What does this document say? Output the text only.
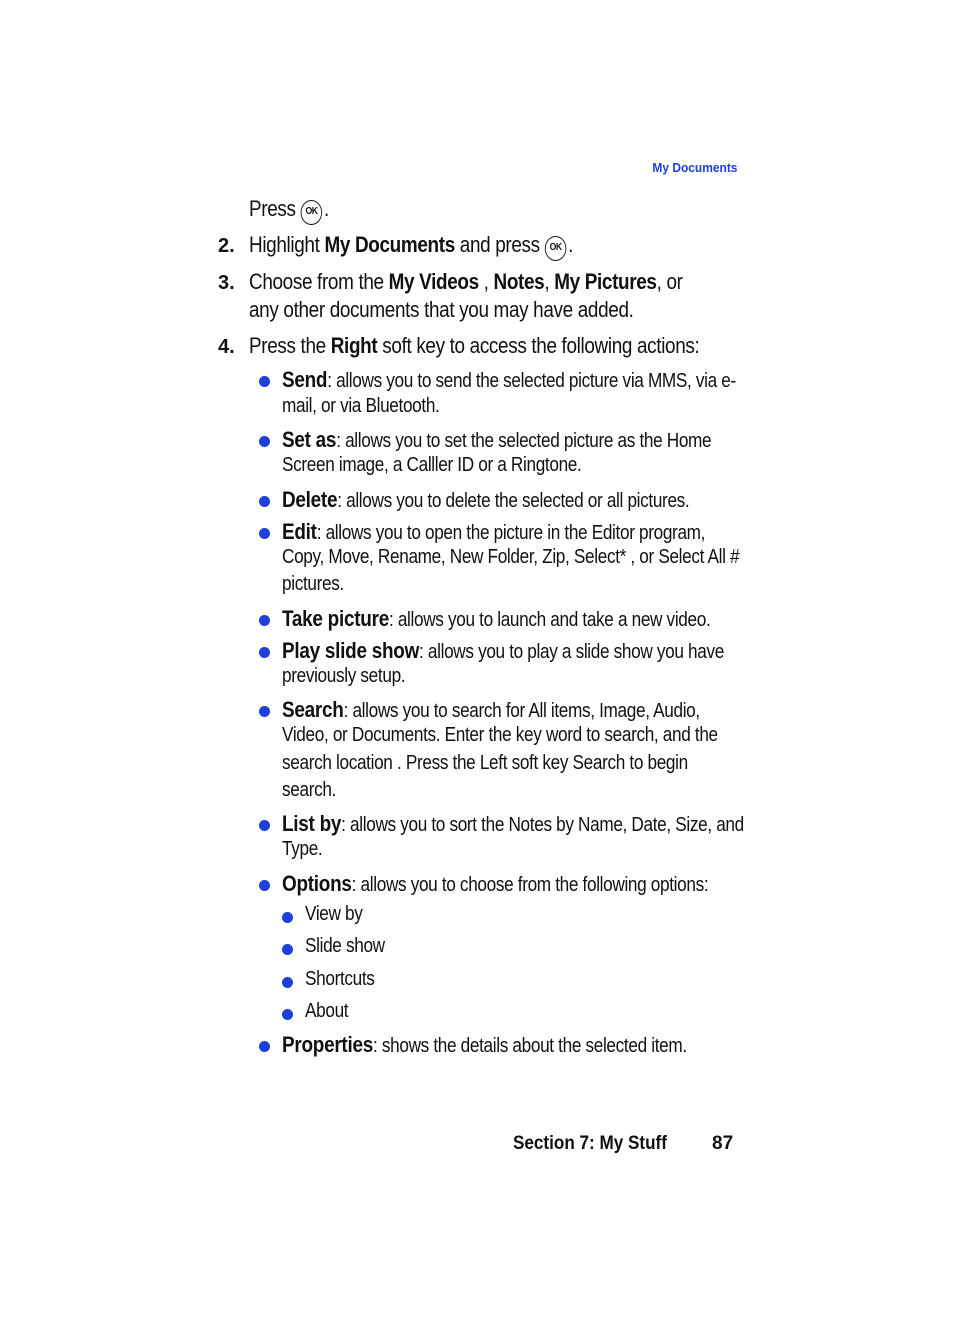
My Documents
Press OK .
2. Highlight My Documents and press OK .
3. Choose from the My Videos , Notes, My Pictures, or
any other documents that you may have added.
4. Press the Right soft key to access the following actions:
Send: allows you to send the selected picture via MMS, via e-
mail, or via Bluetooth.
Set as: allows you to set the selected picture as the Home
Screen image, a Calller ID or a Ringtone.
Delete: allows you to delete the selected or all pictures.
Edit: allows you to open the picture in the Editor program,
Copy, Move, Rename, New Folder, Zip, Select* , or Select All #
pictures.
Take picture: allows you to launch and take a new video.
Play slide show: allows you to play a slide show you have
previously setup.
Search: allows you to search for All items, Image, Audio,
Video, or Documents. Enter the key word to search, and the
search location . Press the Left soft key Search to begin
search.
List by: allows you to sort the Notes by Name, Date, Size, and
Type.
Options: allows you to choose from the following options:
View by
Slide show
Shortcuts
About
Properties: shows the details about the selected item.
Section 7: My Stuff 87
